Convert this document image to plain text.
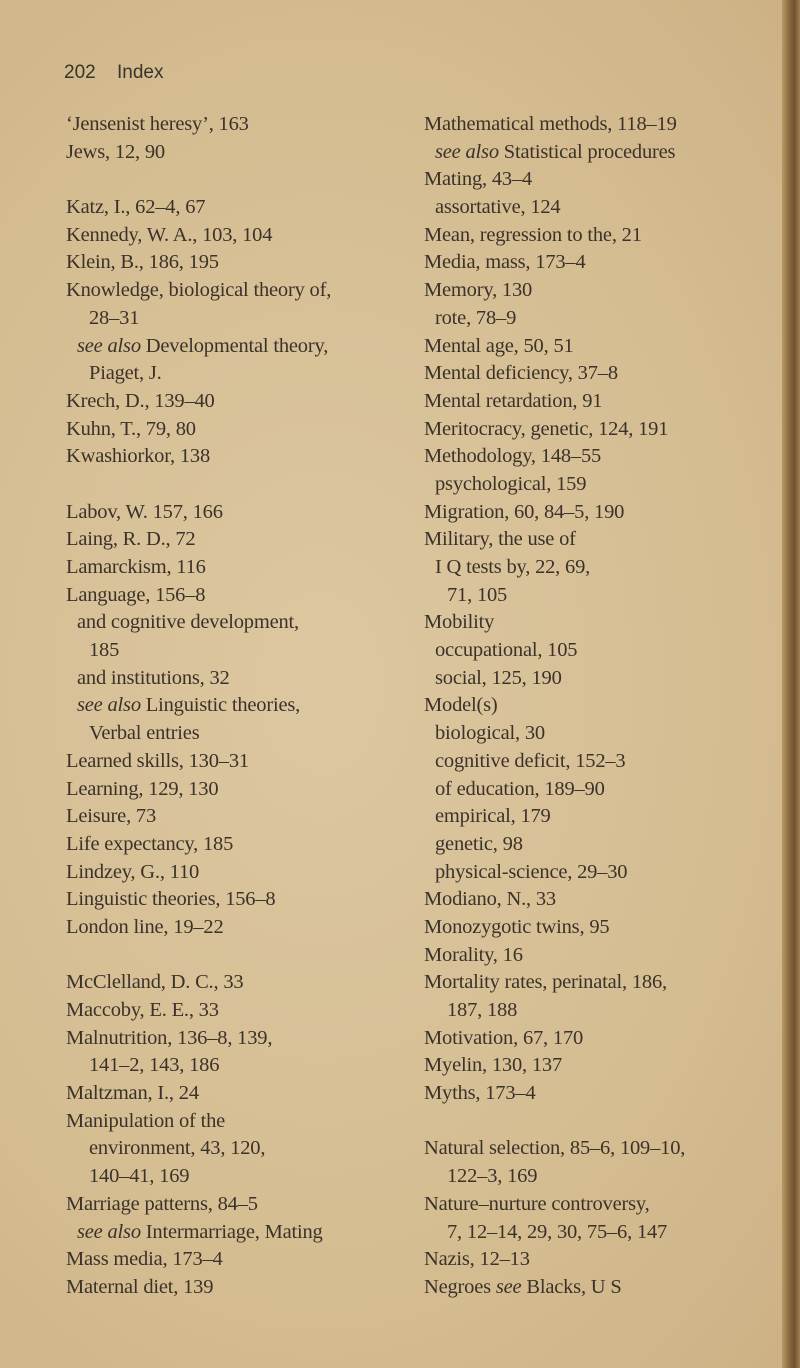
202 Index
‘Jensenist heresy’, 163
Jews, 12, 90
Katz, I., 62–4, 67
Kennedy, W. A., 103, 104
Klein, B., 186, 195
Knowledge, biological theory of,
28–31
see also Developmental theory,
Piaget, J.
Krech, D., 139–40
Kuhn, T., 79, 80
Kwashiorkor, 138
Labov, W. 157, 166
Laing, R. D., 72
Lamarckism, 116
Language, 156–8
and cognitive development,
185
and institutions, 32
see also Linguistic theories,
Verbal entries
Learned skills, 130–31
Learning, 129, 130
Leisure, 73
Life expectancy, 185
Lindzey, G., 110
Linguistic theories, 156–8
London line, 19–22
McClelland, D. C., 33
Maccoby, E. E., 33
Malnutrition, 136–8, 139,
141–2, 143, 186
Maltzman, I., 24
Manipulation of the
environment, 43, 120,
140–41, 169
Marriage patterns, 84–5
see also Intermarriage, Mating
Mass media, 173–4
Maternal diet, 139
Mathematical methods, 118–19
see also Statistical procedures
Mating, 43–4
assortative, 124
Mean, regression to the, 21
Media, mass, 173–4
Memory, 130
rote, 78–9
Mental age, 50, 51
Mental deficiency, 37–8
Mental retardation, 91
Meritocracy, genetic, 124, 191
Methodology, 148–55
psychological, 159
Migration, 60, 84–5, 190
Military, the use of
I Q tests by, 22, 69,
71, 105
Mobility
occupational, 105
social, 125, 190
Model(s)
biological, 30
cognitive deficit, 152–3
of education, 189–90
empirical, 179
genetic, 98
physical-science, 29–30
Modiano, N., 33
Monozygotic twins, 95
Morality, 16
Mortality rates, perinatal, 186,
187, 188
Motivation, 67, 170
Myelin, 130, 137
Myths, 173–4
Natural selection, 85–6, 109–10,
122–3, 169
Nature–nurture controversy,
7, 12–14, 29, 30, 75–6, 147
Nazis, 12–13
Negroes see Blacks, U S
